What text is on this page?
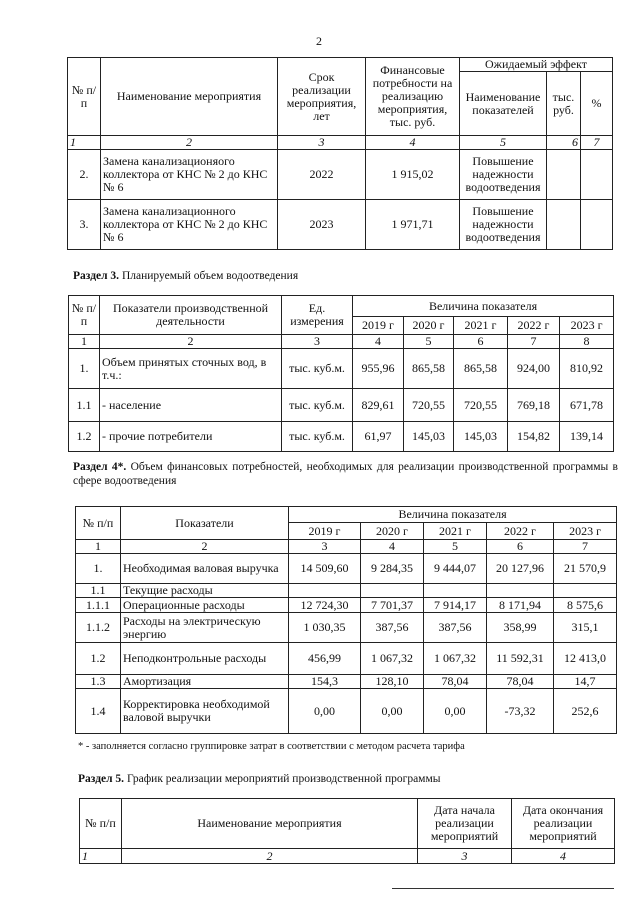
2
№ п/п	Наименование мероприятия	Срок реализации мероприятия, лет	Финансовые потребности на реализацию мероприятия, тыс. руб.	Ожидаемый эффект		
				Наименование показателей	тыс. руб.	%
1	2	3	4	5	6	7
2.	Замена канализационяого коллектора от КНС № 2 до КНС № 6	2022	1 915,02	Повышение надежности водоотведения		
3.	Замена канализационного коллектора от КНС № 2 до КНС № 6	2023	1 971,71	Повышение надежности водоотведения		
Раздел 3. Планируемый объем водоотведения
№ п/п	Показатели производственной деятельности	Ед. измерения	Величина показателя				
			2019 г	2020 г	2021 г	2022 г	2023 г
1	2	3	4	5	6	7	8
1.	Объем принятых сточных вод, в т.ч.:	тыс. куб.м.	955,96	865,58	865,58	924,00	810,92
1.1	- население	тыс. куб.м.	829,61	720,55	720,55	769,18	671,78
1.2	- прочие потребители	тыс. куб.м.	61,97	145,03	145,03	154,82	139,14
Раздел 4*. Объем финансовых потребностей, необходимых для реализации производственной программы в сфере водоотведения
№ п/п	Показатели	Величина показателя				
		2019 г	2020 г	2021 г	2022 г	2023 г
1	2	3	4	5	6	7
1.	Необходимая валовая выручка	14 509,60	9 284,35	9 444,07	20 127,96	21 570,9
1.1	Текущие расходы					
1.1.1	Операционные расходы	12 724,30	7 701,37	7 914,17	8 171,94	8 575,6
1.1.2	Расходы на электрическую энергию	1 030,35	387,56	387,56	358,99	315,1
1.2	Неподконтрольные расходы	456,99	1 067,32	1 067,32	11 592,31	12 413,0
1.3	Амортизация	154,3	128,10	78,04	78,04	14,7
1.4	Корректировка необходимой валовой выручки	0,00	0,00	0,00	-73,32	252,6
* - заполняется согласно группировке затрат в соответствии с методом расчета тарифа
Раздел 5. График реализации мероприятий производственной программы
№ п/п	Наименование мероприятия	Дата начала реализации мероприятий	Дата окончания реализации мероприятий
1	2	3	4
